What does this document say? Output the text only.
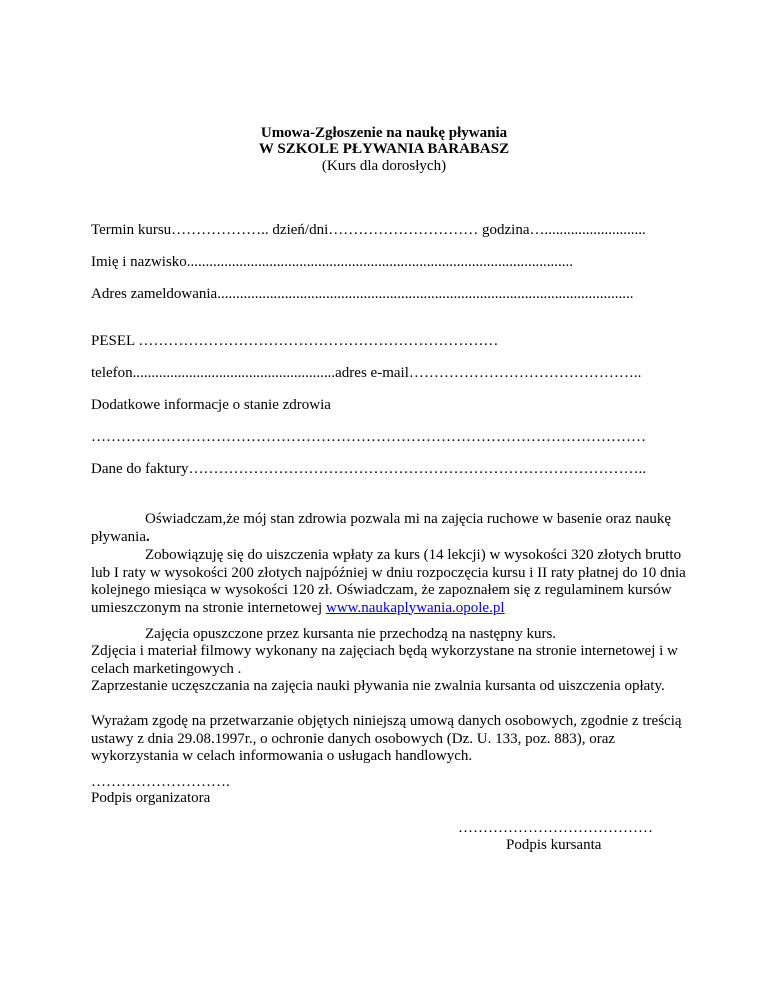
Umowa-Zgłoszenie na naukę pływania
W SZKOLE PŁYWANIA BARABASZ
(Kurs dla dorosłych)
Termin kursu……………….. dzień/dni………………………… godzina…...........................
Imię i nazwisko.......................................................................................................
Adres zameldowania...............................................................................................................
PESEL ………………………………………………………………
telefon......................................................adres e-mail………………………………………..
Dodatkowe informacje o stanie zdrowia
…………………………………………………………………………………………………
Dane do faktury………………………………………………………………………………..
Oświadczam,że mój stan zdrowia pozwala mi na zajęcia ruchowe w basenie oraz naukę pływania.
Zobowiązuję się do uiszczenia wpłaty za kurs (14 lekcji) w wysokości 320 złotych brutto lub I raty w wysokości 200 złotych najpóźniej w dniu rozpoczęcia kursu i II raty płatnej do 10 dnia kolejnego miesiąca w wysokości 120 zł. Oświadczam, że zapoznałem się z regulaminem kursów umieszczonym na stronie internetowej www.naukaplywania.opole.pl
Zajęcia opuszczone przez kursanta nie przechodzą na następny kurs.
Zdjęcia i materiał filmowy wykonany na zajęciach będą wykorzystane na stronie internetowej i w celach marketingowych .
Zaprzestanie uczęszczania na zajęcia nauki pływania nie zwalnia kursanta od uiszczenia opłaty.
Wyrażam zgodę na przetwarzanie objętych niniejszą umową danych osobowych, zgodnie z treścią ustawy z dnia 29.08.1997r., o ochronie danych osobowych (Dz. U. 133, poz. 883), oraz wykorzystania w celach informowania o usługach handlowych.
……………………….
Podpis organizatora
…………………………………
Podpis kursanta
